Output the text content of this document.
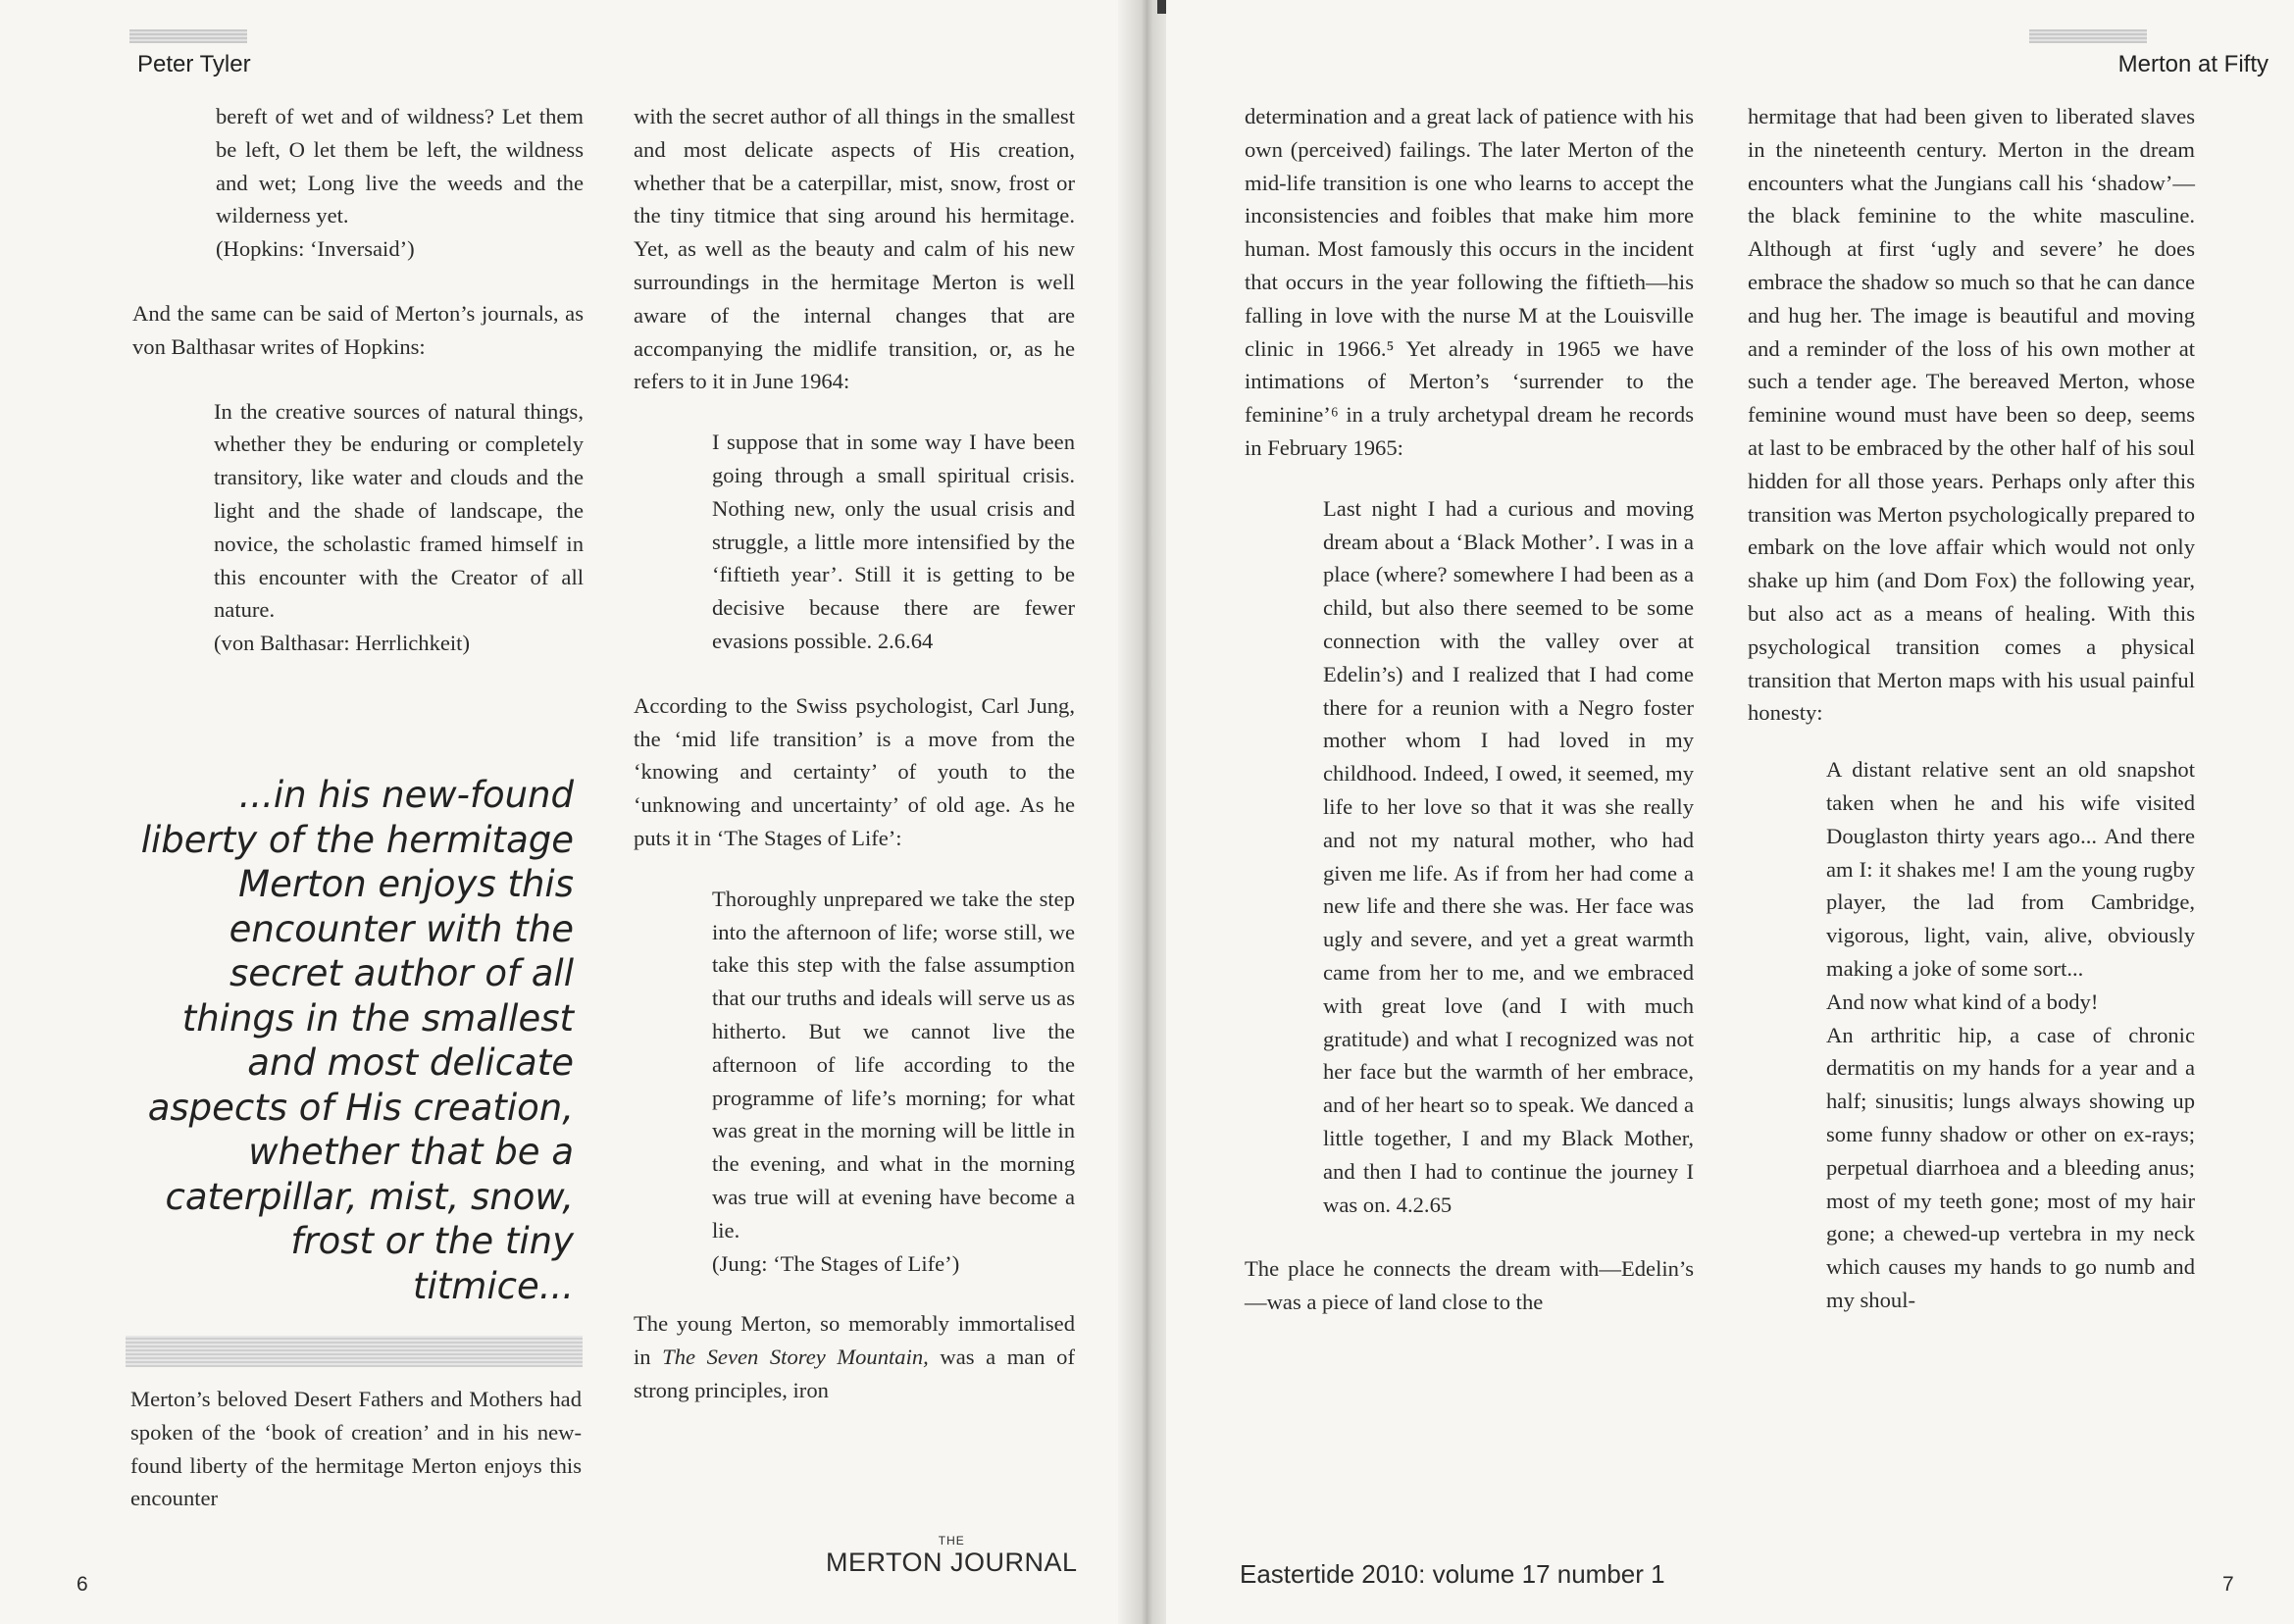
Peter Tyler

bereft of wet and of wildness? Let them be left, O let them be left, the wildness and wet; Long live the weeds and the wilderness yet.

(Hopkins: ‘Inversaid’)

And the same can be said of Merton’s journals, as von Balthasar writes of Hopkins:

In the creative sources of natural things, whether they be enduring or completely transitory, like water and clouds and the light and the shade of landscape, the novice, the scholastic framed himself in this encounter with the Creator of all nature.

(von Balthasar: Herrlichkeit)

...in his new-found liberty of the hermitage Merton enjoys this encounter with the secret author of all things in the smallest and most delicate aspects of His creation, whether that be a caterpillar, mist, snow, frost or the tiny titmice...

Merton’s beloved Desert Fathers and Mothers had spoken of the ‘book of creation’ and in his new-found liberty of the hermitage Merton enjoys this encounter

with the secret author of all things in the smallest and most delicate aspects of His creation, whether that be a caterpillar, mist, snow, frost or the tiny titmice that sing around his hermitage. Yet, as well as the beauty and calm of his new surroundings in the hermitage Merton is well aware of the internal changes that are accompanying the midlife transition, or, as he refers to it in June 1964:

I suppose that in some way I have been going through a small spiritual crisis. Nothing new, only the usual crisis and struggle, a little more intensified by the ‘fiftieth year’. Still it is getting to be decisive because there are fewer evasions possible. 2.6.64

According to the Swiss psychologist, Carl Jung, the ‘mid life transition’ is a move from the ‘knowing and certainty’ of youth to the ‘unknowing and uncertainty’ of old age. As he puts it in ‘The Stages of Life’:

Thoroughly unprepared we take the step into the afternoon of life; worse still, we take this step with the false assumption that our truths and ideals will serve us as hitherto. But we cannot live the afternoon of life according to the programme of life’s morning; for what was great in the morning will be little in the evening, and what in the morning was true will at evening have become a lie.

(Jung: ‘The Stages of Life’)

The young Merton, so memorably immortalised in The Seven Storey Mountain, was a man of strong principles, iron

6
THE
MERTON JOURNAL
Merton at Fifty

determination and a great lack of patience with his own (perceived) failings. The later Merton of the mid-life transition is one who learns to accept the inconsistencies and foibles that make him more human. Most famously this occurs in the incident that occurs in the year following the fiftieth—his falling in love with the nurse M at the Louisville clinic in 1966.⁵ Yet already in 1965 we have intimations of Merton’s ‘surrender to the feminine’⁶ in a truly archetypal dream he records in February 1965:

Last night I had a curious and moving dream about a ‘Black Mother’. I was in a place (where? somewhere I had been as a child, but also there seemed to be some connection with the valley over at Edelin’s) and I realized that I had come there for a reunion with a Negro foster mother whom I had loved in my childhood. Indeed, I owed, it seemed, my life to her love so that it was she really and not my natural mother, who had given me life. As if from her had come a new life and there she was. Her face was ugly and severe, and yet a great warmth came from her to me, and we embraced with great love (and I with much gratitude) and what I recognized was not her face but the warmth of her embrace, and of her heart so to speak. We danced a little together, I and my Black Mother, and then I had to continue the journey I was on. 4.2.65

The place he connects the dream with—Edelin’s—was a piece of land close to the

hermitage that had been given to liberated slaves in the nineteenth century. Merton in the dream encounters what the Jungians call his ‘shadow’—the black feminine to the white masculine. Although at first ‘ugly and severe’ he does embrace the shadow so much so that he can dance and hug her. The image is beautiful and moving and a reminder of the loss of his own mother at such a tender age. The bereaved Merton, whose feminine wound must have been so deep, seems at last to be embraced by the other half of his soul hidden for all those years. Perhaps only after this transition was Merton psychologically prepared to embark on the love affair which would not only shake up him (and Dom Fox) the following year, but also act as a means of healing. With this psychological transition comes a physical transition that Merton maps with his usual painful honesty:

A distant relative sent an old snapshot taken when he and his wife visited Douglaston thirty years ago... And there am I: it shakes me! I am the young rugby player, the lad from Cambridge, vigorous, light, vain, alive, obviously making a joke of some sort...

And now what kind of a body!

An arthritic hip, a case of chronic dermatitis on my hands for a year and a half; sinusitis; lungs always showing up some funny shadow or other on ex-rays; perpetual diarrhoea and a bleeding anus; most of my teeth gone; most of my hair gone; a chewed-up vertebra in my neck which causes my hands to go numb and my shoul-

Eastertide 2010: volume 17 number 1	7
